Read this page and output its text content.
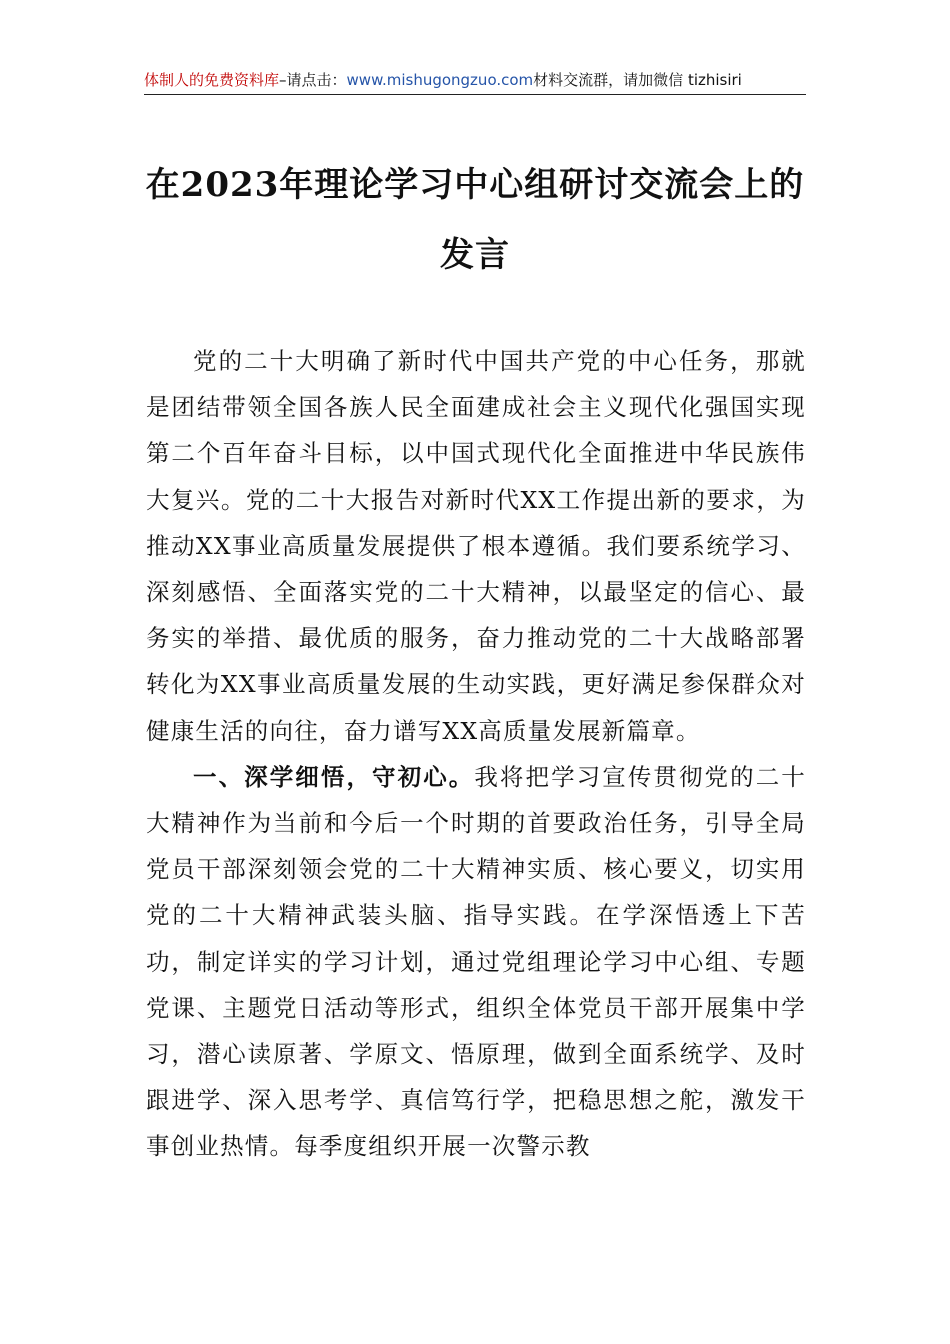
体制人的免费资料库–请点击：www.mishugongzuo.com材料交流群，请加微信 tizhisiri
在2023年理论学习中心组研讨交流会上的发言

党的二十大明确了新时代中国共产党的中心任务，那就是团结带领全国各族人民全面建成社会主义现代化强国实现第二个百年奋斗目标，以中国式现代化全面推进中华民族伟大复兴。党的二十大报告对新时代XX工作提出新的要求，为推动XX事业高质量发展提供了根本遵循。我们要系统学习、深刻感悟、全面落实党的二十大精神，以最坚定的信心、最务实的举措、最优质的服务，奋力推动党的二十大战略部署转化为XX事业高质量发展的生动实践，更好满足参保群众对健康生活的向往，奋力谱写XX高质量发展新篇章。

一、深学细悟，守初心。我将把学习宣传贯彻党的二十大精神作为当前和今后一个时期的首要政治任务，引导全局党员干部深刻领会党的二十大精神实质、核心要义，切实用党的二十大精神武装头脑、指导实践。在学深悟透上下苦功，制定详实的学习计划，通过党组理论学习中心组、专题党课、主题党日活动等形式，组织全体党员干部开展集中学习，潜心读原著、学原文、悟原理，做到全面系统学、及时跟进学、深入思考学、真信笃行学，把稳思想之舵，激发干事创业热情。每季度组织开展一次警示教
